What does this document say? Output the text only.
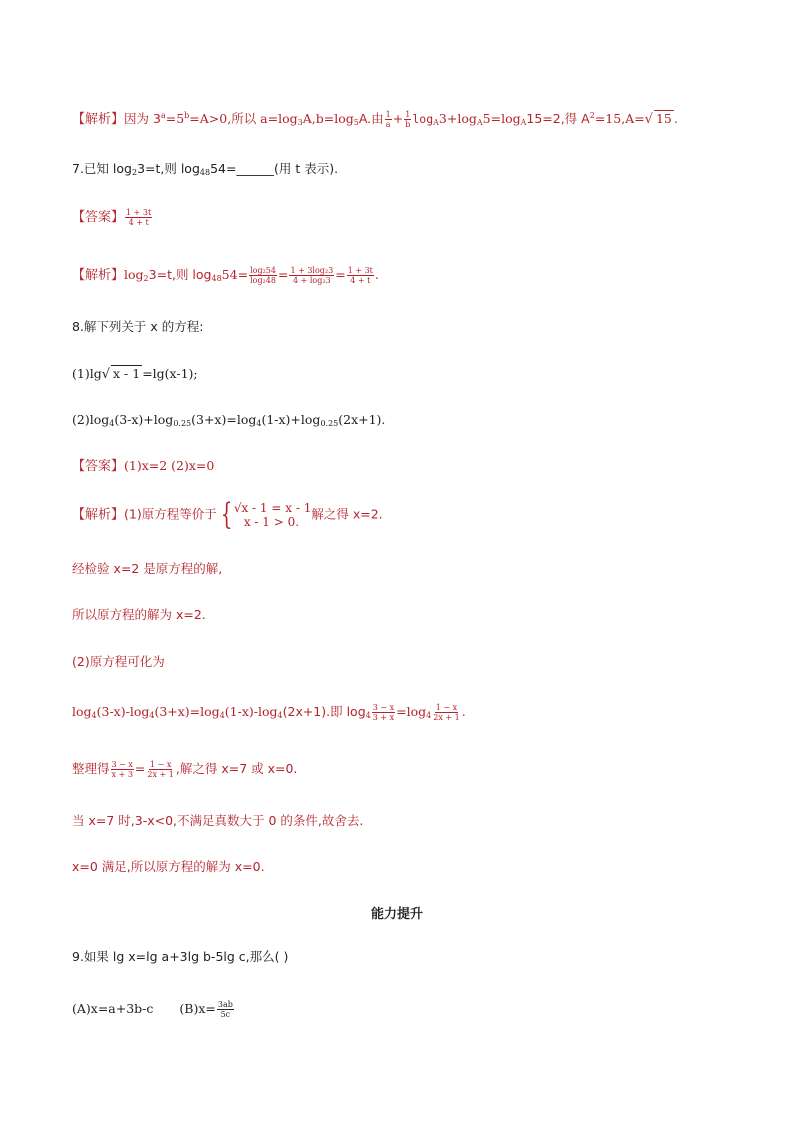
【解析】因为 $3^a=5^b=A>0$,所以 $a=\log_3A,b=\log_5A$.由 $\frac{1}{a} + \frac{1}{b} \log_A3+\log_A5=\log_A15=2$,得 $A^2=15,A=√$ 15 .
7.已知 $\log_23=t$,则 $\log_{48}54=\_\_\_\_\_\_$(用 t 表示).
【答案】 $\frac{1 + 3t}{4 + t}$
【解析】$\log_23=t$,则 $\log_{48}54= \frac{\text{log₂54}}{\text{log₂48}} = \frac{\text{1 + 3log₂3}}{\text{4 + log₂3}} = \frac{1 + 3t}{4 + t}$ .
8.解下列关于 x 的方程:
(1)lg√ x - 1 =lg(x-1);
$(2)\log_4(3-x)+\log_{0.25}(3+x)=\log_4(1-x)+\log_{0.25}(2x+1)$.
【答案】(1)x=2 (2)x=0
【解析】(1)原方程等价于 { √x - 1 = x - 1
x - 1 > 0.
解之得 x=2.
经检验 x=2 是原方程的解,
所以原方程的解为 x=2.
(2)原方程可化为
$\log_4(3-x)-\log_4(3+x)=\log_4(1-x)-\log_4(2x+1)$.即 $\log_4 \frac{3 - x}{3 + x} =\log_4 \frac{1 - x}{2x + 1}$ .
整理得 $\frac{3 - x}{x + 3} = \frac{1 - x}{2x + 1}$ ,解之得 x=7 或 x=0.
当 x=7 时,3-x<0,不满足真数大于 0 的条件,故舍去.
x=0 满足,所以原方程的解为 x=0.
能力提升
9.如果 lg x=lg a+3lg b-5lg c,那么( )
(A)x=a+3b-c $(B)x= \frac{3ab}{5c}$
